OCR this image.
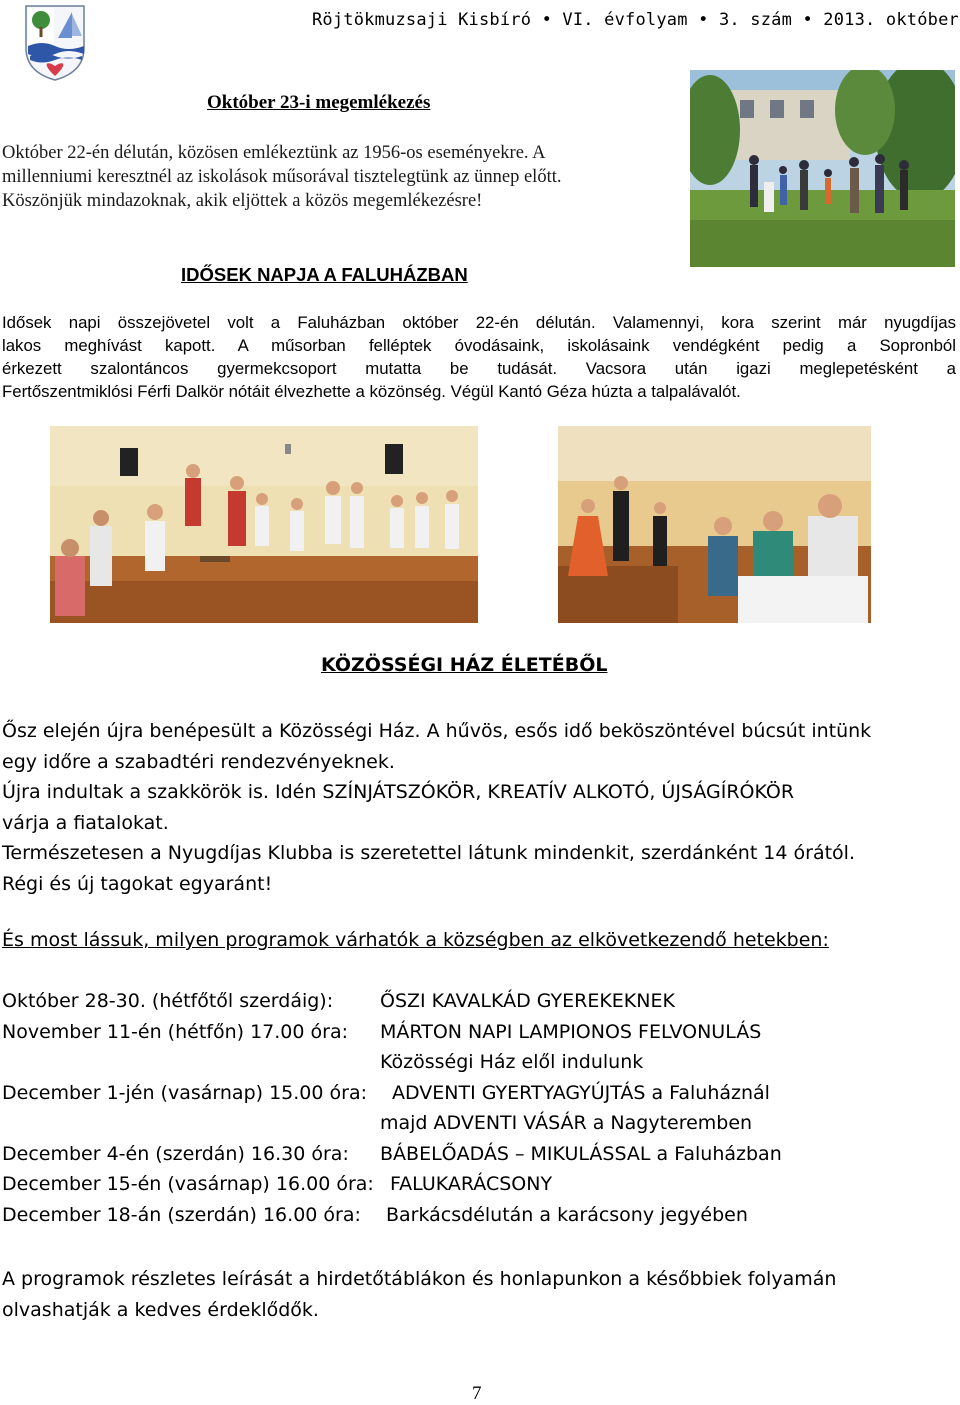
Röjtökmuzsaji Kisbíró • VI. évfolyam • 3. szám • 2013. október
Október 23-i megemlékezés
Október 22-én délután, közösen emlékeztünk az 1956-os eseményekre. A
millenniumi keresztnél az iskolások műsorával tisztelegtünk az ünnep előtt.
Köszönjük mindazoknak, akik eljöttek a közös megemlékezésre!
IDŐSEK NAPJA A FALUHÁZBAN
Idősek napi összejövetel volt a Faluházban október 22-én délután. Valamennyi, kora szerint már nyugdíjas
lakos meghívást kapott. A műsorban felléptek óvodásaink, iskolásaink vendégként pedig a Sopronból
érkezett szalontáncos gyermekcsoport mutatta be tudását. Vacsora után igazi meglepetésként a
Fertőszentmiklósi Férfi Dalkör nótáit élvezhette a közönség. Végül Kantó Géza húzta a talpalávalót.
KÖZÖSSÉGI HÁZ ÉLETÉBŐL
Ősz elején újra benépesült a Közösségi Ház. A hűvös, esős idő beköszöntével búcsút intünk
egy időre a szabadtéri rendezvényeknek.
Újra indultak a szakkörök is. Idén SZÍNJÁTSZÓKÖR, KREATÍV ALKOTÓ, ÚJSÁGÍRÓKÖR
várja a fiatalokat.
Természetesen a Nyugdíjas Klubba is szeretettel látunk mindenkit, szerdánként 14 órától.
Régi és új tagokat egyaránt!
És most lássuk, milyen programok várhatók a községben az elkövetkezendő hetekben:
Október 28-30. (hétfőtől szerdáig): ŐSZI KAVALKÁD GYEREKEKNEK
November 11-én (hétfőn) 17.00 óra: MÁRTON NAPI LAMPIONOS FELVONULÁS
Közösségi Ház elől indulunk
December 1-jén (vasárnap) 15.00 óra: ADVENTI GYERTYAGYÚJTÁS a Faluháznál
majd ADVENTI VÁSÁR a Nagyteremben
December 4-én (szerdán) 16.30 óra: BÁBELŐADÁS – MIKULÁSSAL a Faluházban
December 15-én (vasárnap) 16.00 óra: FALUKARÁCSONY
December 18-án (szerdán) 16.00 óra: Barkácsdélután a karácsony jegyében
A programok részletes leírását a hirdetőtáblákon és honlapunkon a későbbiek folyamán
olvashatják a kedves érdeklődők.
7
